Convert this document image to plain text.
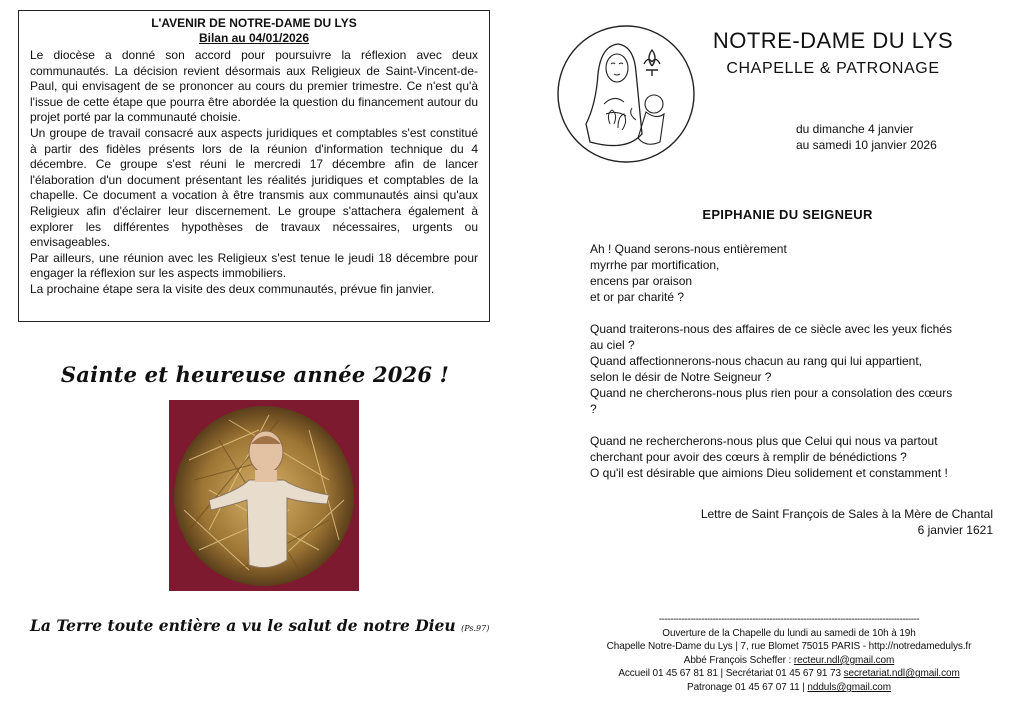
L'AVENIR DE NOTRE-DAME DU LYS
Bilan au 04/01/2026

Le diocèse a donné son accord pour poursuivre la réflexion avec deux communautés. La décision revient désormais aux Religieux de Saint-Vincent-de-Paul, qui envisagent de se prononcer au cours du premier trimestre. Ce n'est qu'à l'issue de cette étape que pourra être abordée la question du financement autour du projet porté par la communauté choisie.

Un groupe de travail consacré aux aspects juridiques et comptables s'est constitué à partir des fidèles présents lors de la réunion d'information technique du 4 décembre. Ce groupe s'est réuni le mercredi 17 décembre afin de lancer l'élaboration d'un document présentant les réalités juridiques et comptables de la chapelle. Ce document a vocation à être transmis aux communautés ainsi qu'aux Religieux afin d'éclairer leur discernement. Le groupe s'attachera également à explorer les différentes hypothèses de travaux nécessaires, urgents ou envisageables.

Par ailleurs, une réunion avec les Religieux s'est tenue le jeudi 18 décembre pour engager la réflexion sur les aspects immobiliers.

La prochaine étape sera la visite des deux communautés, prévue fin janvier.

Sainte et heureuse année 2026 !
La Terre toute entière a vu le salut de notre Dieu (Ps.97)
NOTRE-DAME DU LYS
CHAPELLE & PATRONAGE
du dimanche 4 janvier
au samedi 10 janvier 2026
EPIPHANIE DU SEIGNEUR
Ah ! Quand serons-nous entièrement
myrrhe par mortification,
encens par oraison
et or par charité ?
Quand traiterons-nous des affaires de ce siècle avec les yeux fichés
au ciel ?
Quand affectionnerons-nous chacun au rang qui lui appartient,
selon le désir de Notre Seigneur ?
Quand ne chercherons-nous plus rien pour a consolation des cœurs
?
Quand ne rechercherons-nous plus que Celui qui nous va partout
cherchant pour avoir des cœurs à remplir de bénédictions ?
O qu'il est désirable que aimions Dieu solidement et constamment !
Lettre de Saint François de Sales à la Mère de Chantal
6 janvier 1621
--------------------------------------------------------------------------------------------
Ouverture de la Chapelle du lundi au samedi de 10h à 19h
Chapelle Notre-Dame du Lys | 7, rue Blomet 75015 PARIS - http://notredamedulys.fr
Abbé François Scheffer : recteur.ndl@gmail.com
Accueil 01 45 67 81 81 | Secrétariat 01 45 67 91 73 secretariat.ndl@gmail.com
Patronage 01 45 67 07 11 | ndduls@gmail.com
